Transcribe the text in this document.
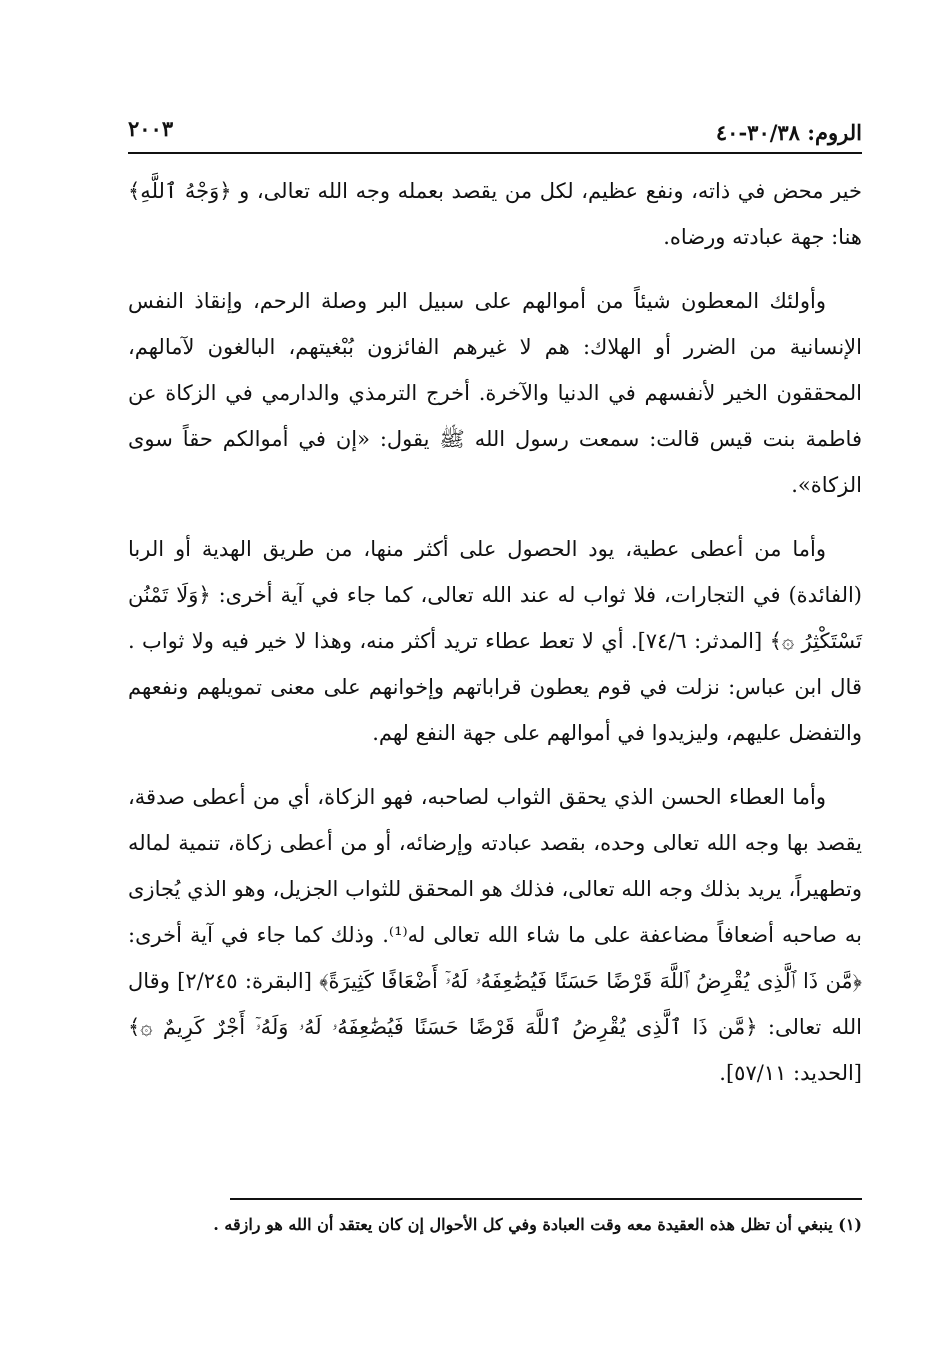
الروم: ٣٠/٣٨-٤٠
٢٠٠٣

خير محض في ذاته، ونفع عظيم، لكل من يقصد بعمله وجه الله تعالى، و ﴿وَجْهُ ٱللَّهِ﴾ هنا: جهة عبادته ورضاه.

وأولئك المعطون شيئاً من أموالهم على سبيل البر وصلة الرحم، وإنقاذ النفس الإنسانية من الضرر أو الهلاك: هم لا غيرهم الفائزون بُبْغيتهم، البالغون لآمالهم، المحققون الخير لأنفسهم في الدنيا والآخرة. أخرج الترمذي والدارمي في الزكاة عن فاطمة بنت قيس قالت: سمعت رسول الله ﷺ يقول: «إن في أموالكم حقاً سوى الزكاة».

وأما من أعطى عطية، يود الحصول على أكثر منها، من طريق الهدية أو الربا (الفائدة) في التجارات، فلا ثواب له عند الله تعالى، كما جاء في آية أخرى: ﴿وَلَا تَمْنُن تَسْتَكْثِرُ ۞﴾ [المدثر: ٧٤/٦]. أي لا تعط عطاء تريد أكثر منه، وهذا لا خير فيه ولا ثواب . قال ابن عباس: نزلت في قوم يعطون قراباتهم وإخوانهم على معنى تمويلهم ونفعهم والتفضل عليهم، وليزيدوا في أموالهم على جهة النفع لهم.

وأما العطاء الحسن الذي يحقق الثواب لصاحبه، فهو الزكاة، أي من أعطى صدقة، يقصد بها وجه الله تعالى وحده، بقصد عبادته وإرضائه، أو من أعطى زكاة، تنمية لماله وتطهيراً، يريد بذلك وجه الله تعالى، فذلك هو المحقق للثواب الجزيل، وهو الذي يُجازى به صاحبه أضعافاً مضاعفة على ما شاء الله تعالى له⁽¹⁾. وذلك كما جاء في آية أخرى: ﴿مَّن ذَا ٱلَّذِى يُقْرِضُ ٱللَّهَ قَرْضًا حَسَنًا فَيُضَٰعِفَهُۥ لَهُۥٓ أَضْعَافًا كَثِيرَةً﴾ [البقرة: ٢/٢٤٥] وقال الله تعالى: ﴿مَّن ذَا ٱلَّذِى يُقْرِضُ ٱللَّهَ قَرْضًا حَسَنًا فَيُضَٰعِفَهُۥ لَهُۥ وَلَهُۥٓ أَجْرٌ كَرِيمٌ ۞﴾ [الحديد: ٥٧/١١].

(١) ينبغي أن تظل هذه العقيدة معه وقت العبادة وفي كل الأحوال إن كان يعتقد أن الله هو رازقه .
